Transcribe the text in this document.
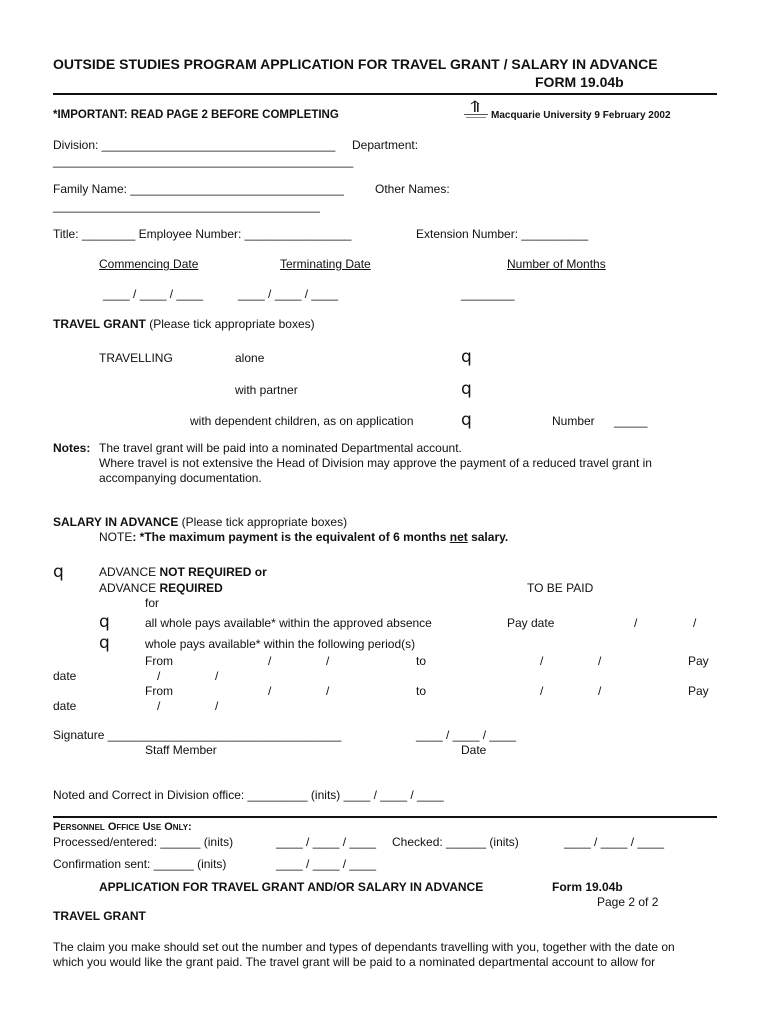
OUTSIDE STUDIES PROGRAM APPLICATION FOR TRAVEL GRANT / SALARY IN ADVANCE
FORM 19.04b
*IMPORTANT: READ PAGE 2 BEFORE COMPLETING	Macquarie University 9 February 2002
Division: ___________________________________ Department:
_____________________________________________
Family Name: ________________________________	Other Names:
________________________________________
Title: ________ Employee Number: ________________	Extension Number: __________
Commencing Date	Terminating Date	Number of Months
____ / ____ / ____	____ / ____ / ____	________
TRAVEL GRANT (Please tick appropriate boxes)
TRAVELLING	alone	q
with partner	q
with dependent children, as on application	q	Number _____
Notes: The travel grant will be paid into a nominated Departmental account.
Where travel is not extensive the Head of Division may approve the payment of a reduced travel grant in
accompanying documentation.
SALARY IN ADVANCE (Please tick appropriate boxes)
NOTE: *The maximum payment is the equivalent of 6 months net salary.
q	ADVANCE NOT REQUIRED or
ADVANCE REQUIRED	TO BE PAID
for
q	all whole pays available* within the approved absence	Pay date	/	/
q	whole pays available* within the following period(s)
From	/	/	to	/	/	Pay
date	/	/
From	/	/	to	/	/	Pay
date	/	/
Signature ___________________________________	____ / ____ / ____
Staff Member	Date
Noted and Correct in Division office: _________ (inits) ____ / ____ / ____
Personnel Office Use Only:
Processed/entered: ______ (inits)	____ / ____ / ____ Checked: ______ (inits)	____ / ____ / ____
Confirmation sent: ______ (inits)	____ / ____ / ____
APPLICATION FOR TRAVEL GRANT AND/OR SALARY IN ADVANCE	Form 19.04b
Page 2 of 2
TRAVEL GRANT
The claim you make should set out the number and types of dependants travelling with you, together with the date on
which you would like the grant paid. The travel grant will be paid to a nominated departmental account to allow for
